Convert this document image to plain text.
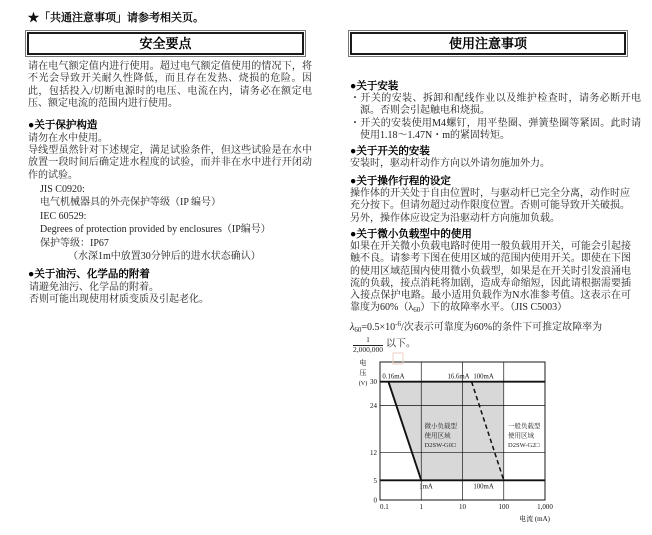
★「共通注意事项」请参考相关页。
安全要点
请在电气额定值内进行使用。超过电气额定值使用的情况下，将不光会导致开关耐久性降低，而且存在发热、烧损的危险。因此，包括投入/切断电源时的电压、电流在内，请务必在额定电压、额定电流的范围内进行使用。
●关于保护构造
请勿在水中使用。
导线型虽然针对下述规定，满足试验条件，但这些试验是在水中放置一段时间后确定进水程度的试验，而并非在水中进行开闭动作的试验。
JIS C0920:
电气机械器具的外壳保护等级（IP 编号）
IEC 60529:
Degrees of protection provided by enclosures（IP编号）
保护等级：IP67
（水深1m中放置30分钟后的进水状态确认）
●关于油污、化学品的附着
请避免油污、化学品的附着。
否则可能出现使用材质变质及引起老化。
使用注意事项
●关于安装
・开关的安装、拆卸和配线作业以及维护检查时，请务必断开电源。否则会引起触电和烧损。
・开关的安装使用M4螺钉，用平垫圈、弹簧垫圈等紧固。此时请使用1.18～1.47N・m的紧固转矩。
●关于开关的安装
安装时，驱动杆动作方向以外请勿施加外力。
●关于操作行程的设定
操作体的开关处于自由位置时，与驱动杆已完全分离，动作时应充分按下。但请勿超过动作限度位置。否则可能导致开关破损。另外，操作体应设定为沿驱动杆方向施加负载。
●关于微小负载型中的使用
如果在开关微小负载电路时使用一般负载用开关，可能会引起接触不良。请参考下图在使用区域的范围内使用开关。即使在下图的使用区域范围内使用微小负载型，如果是在开关时引发浪涌电流的负载，接点消耗将加剧，造成寿命缩短，因此请根据需要插入接点保护电路。最小适用负载作为N水准参考值。这表示在可靠度为$60\%(\lambda_{60})$下的故障率水平。（JIS C5003）
$\lambda_{60}=0.5\times 10^{-6}/$次表示可靠度为60%的条件下可推定故障率为

$\frac{1}{2,000,000}$ 以下。
0.1	1	10	100	1,000
0
5
12
24
30
0.16mA	16.6mA 100mA
1mA	100mA
微小负载型
使用区域
D2SW-G0□
一般负载型
使用区域
D2SW-G2□
电流 (mA)
电
压
(V)
